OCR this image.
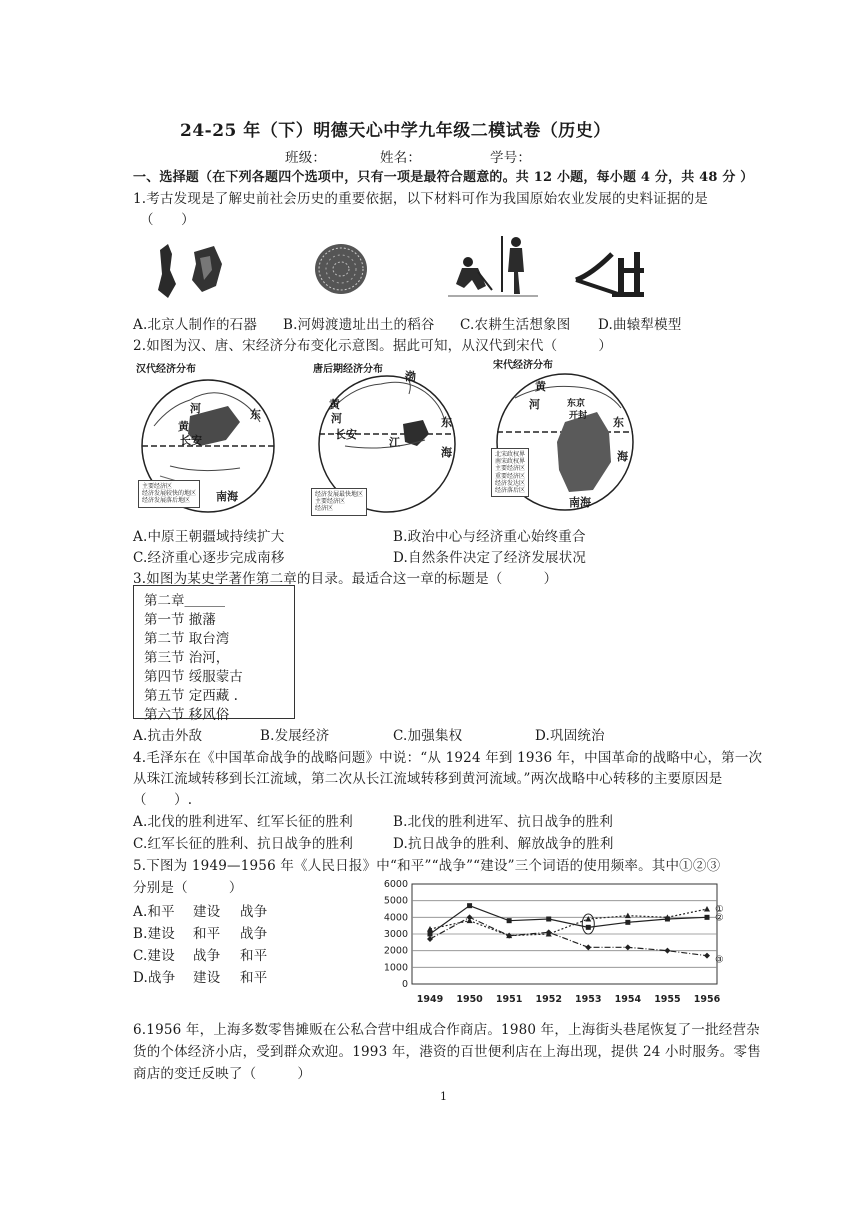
24-25 年（下）明德天心中学九年级二模试卷（历史）
班级：	姓名：	学号：
一、选择题（在下列各题四个选项中，只有一项是最符合题意的。共 12 小题，每小题 4 分，共 48 分 ）
1.考古发现是了解史前社会历史的重要依据，以下材料可作为我国原始农业发展的史料证据的是
（　　）
A.北京人制作的石器 B.河姆渡遗址出土的稻谷 C.农耕生活想象图 D.曲辕犁模型
2.如图为汉、唐、宋经济分布变化示意图。据此可知，从汉代到宋代（　　　）
汉代经济分布
河
黄
长安
东
南海
主要经济区
经济发展较快的地区
经济发展落后地区
唐后期经济分布
黄
河
长安
江
东
海
渤
经济发展最快地区
主要经济区
经济区
宋代经济分布
黄
河	东京
开封 东
海
南海
北宋政权界
南宋政权界
主要经济区
重要经济区
经济发达区
经济落后区
A.中原王朝疆域持续扩大	B.政治中心与经济重心始终重合
C.经济重心逐步完成南移	D.自然条件决定了经济发展状况
3.如图为某史学著作第二章的目录。最适合这一章的标题是（　　　）
第二章＿＿＿
第一节 撤藩
第二节 取台湾
第三节 治河，
第四节 绥服蒙古
第五节 定西藏 .
第六节 移风俗
A.抗击外敌	B.发展经济	C.加强集权	D.巩固统治
4.毛泽东在《中国革命战争的战略问题》中说：“从 1924 年到 1936 年，中国革命的战略中心，第一次
从珠江流域转移到长江流域，第二次从长江流域转移到黄河流域。”两次战略中心转移的主要原因是
（　　）.
A.北伐的胜利进军、红军长征的胜利	B.北伐的胜利进军、抗日战争的胜利
C.红军长征的胜利、抗日战争的胜利	D.抗日战争的胜利、解放战争的胜利
5.下图为 1949—1956 年《人民日报》中“和平”“战争”“建设”三个词语的使用频率。其中①②③
分别是（　　　）
A.和平 建设 战争
B.建设 和平 战争
C.建设 战争 和平
D.战争 建设 和平	0
1000
2000
3000
4000
5000
6000
1949 1950 1951 1952 1953 1954 1955 1956
①
②
③
6.1956 年，上海多数零售摊贩在公私合营中组成合作商店。1980 年，上海街头巷尾恢复了一批经营杂
货的个体经济小店，受到群众欢迎。1993 年，港资的百世便利店在上海出现，提供 24 小时服务。零售
商店的变迁反映了（　　　）
1
